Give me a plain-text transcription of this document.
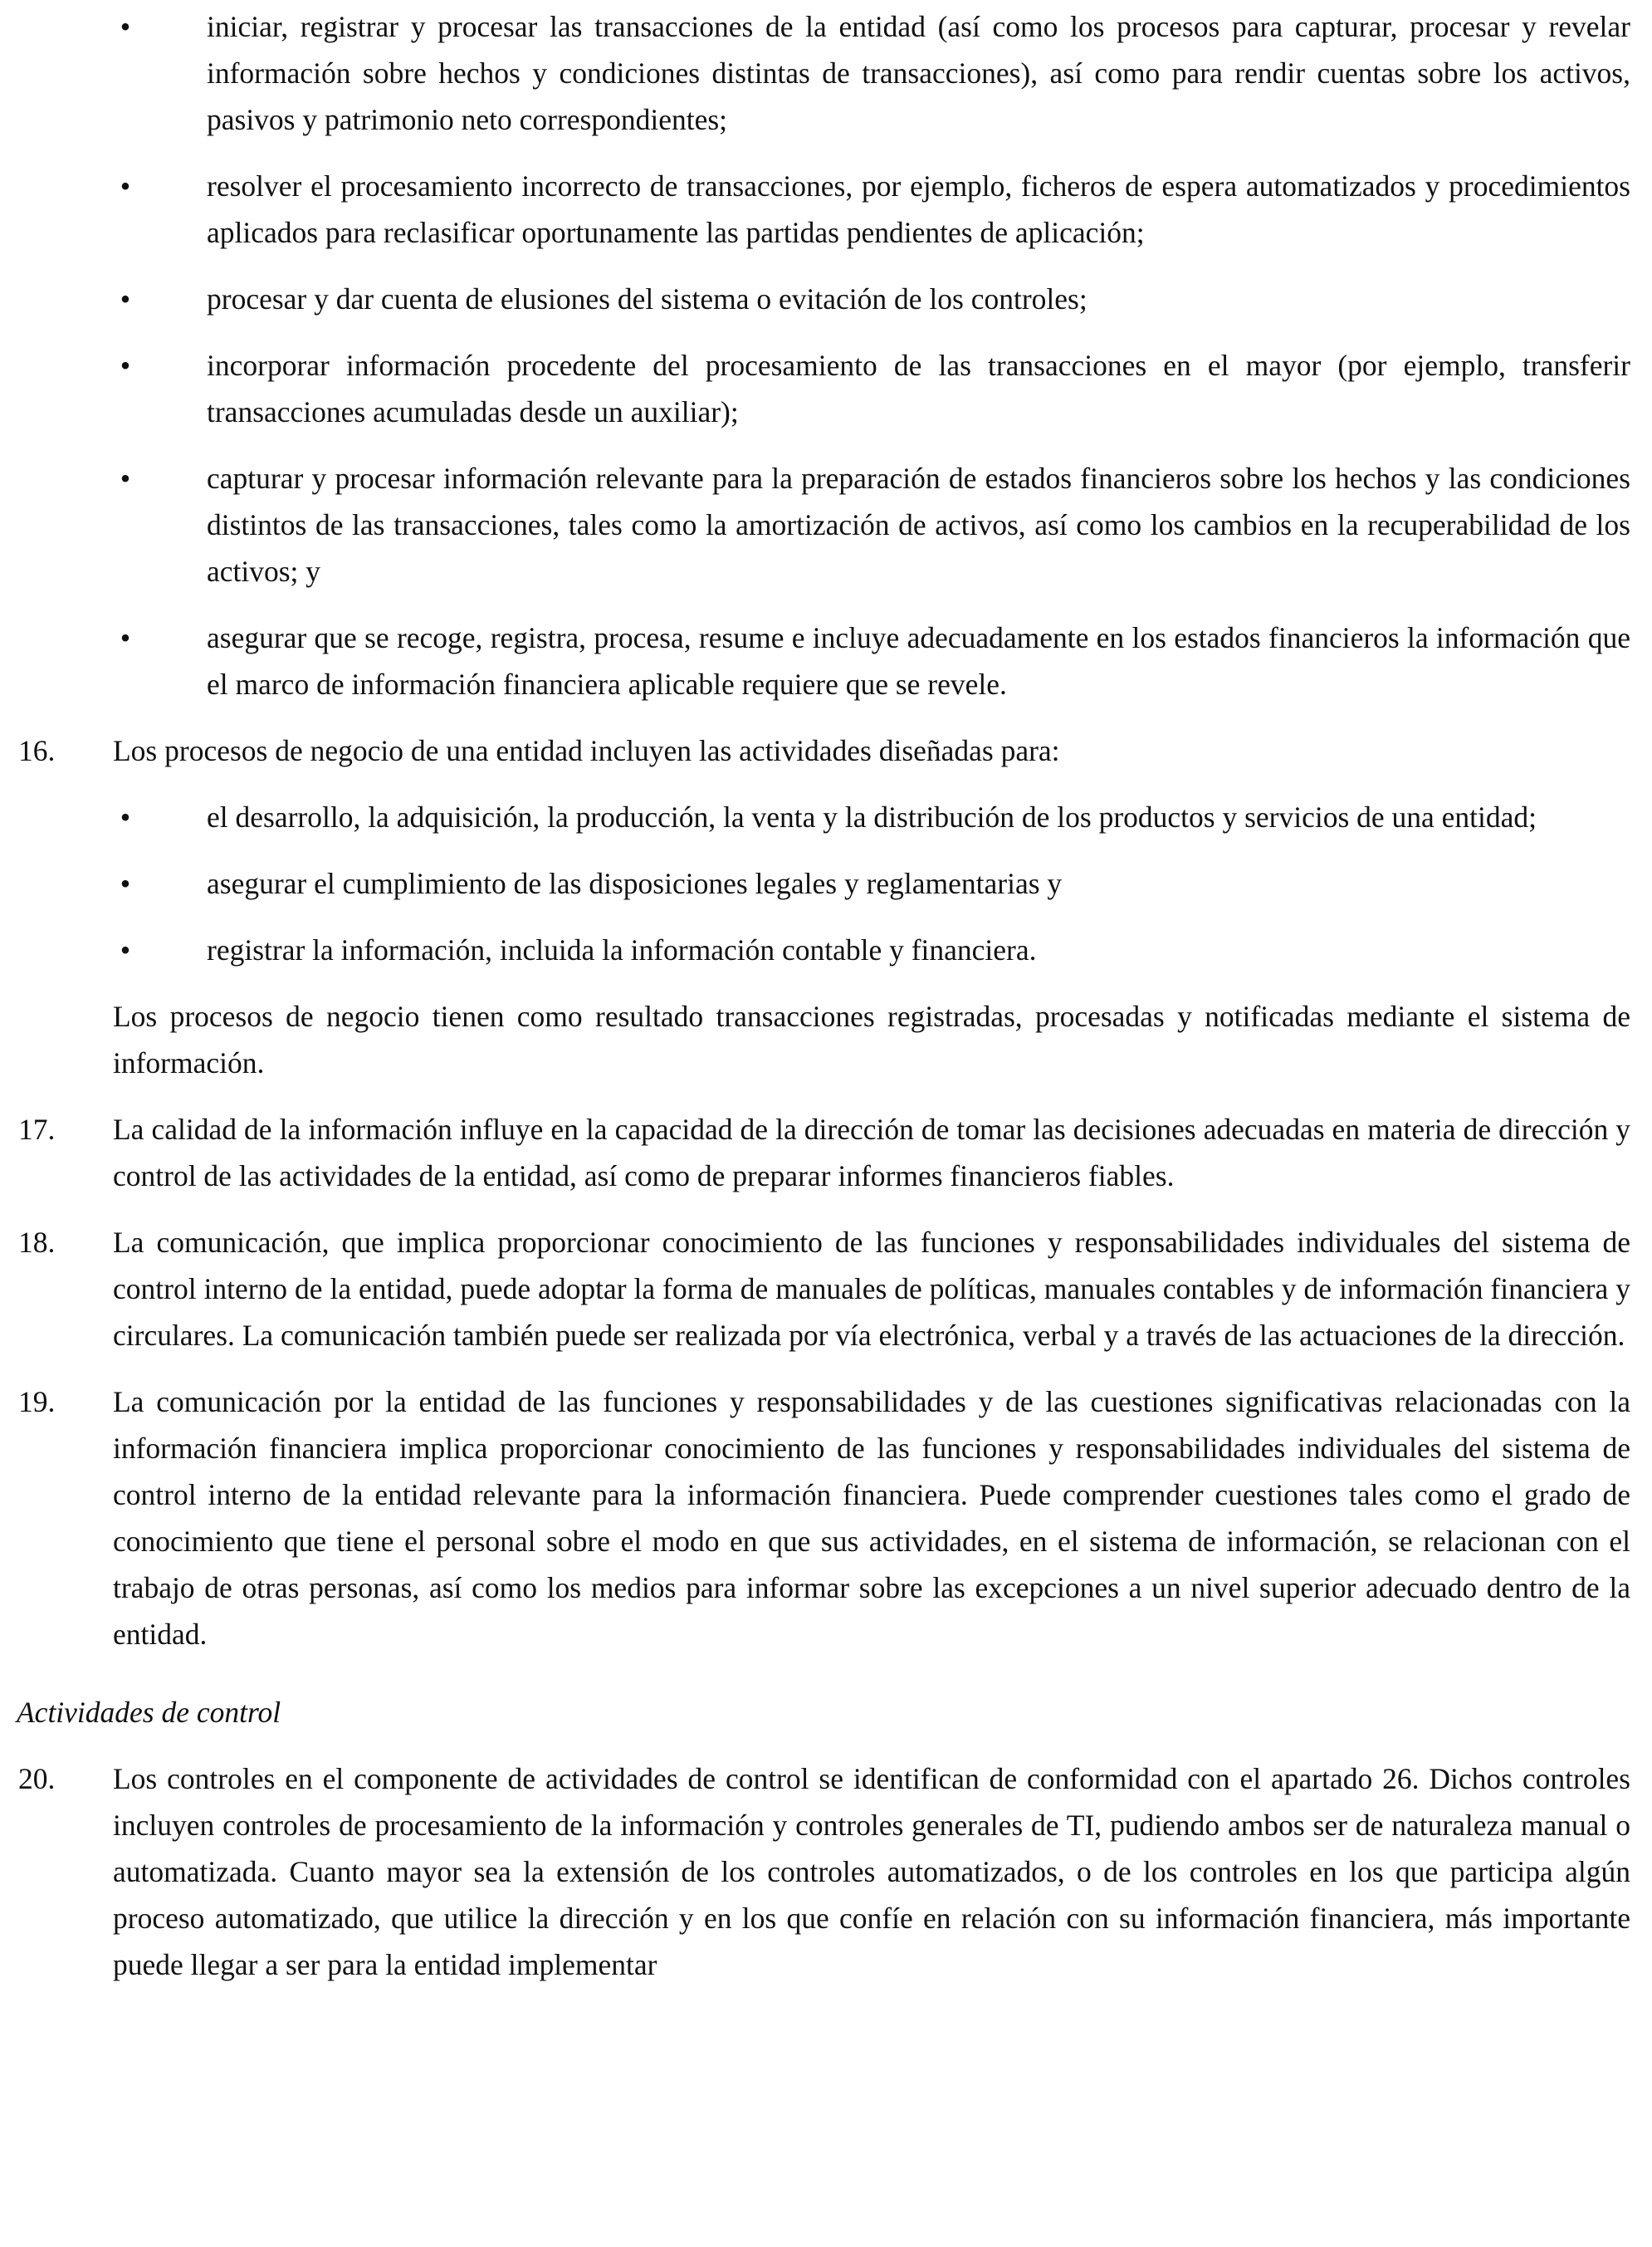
•	iniciar, registrar y procesar las transacciones de la entidad (así como los procesos para capturar, procesar y revelar información sobre hechos y condiciones distintas de transacciones), así como para rendir cuentas sobre los activos, pasivos y patrimonio neto correspondientes;
•	resolver el procesamiento incorrecto de transacciones, por ejemplo, ficheros de espera automatizados y procedimientos aplicados para reclasificar oportunamente las partidas pendientes de aplicación;
•	procesar y dar cuenta de elusiones del sistema o evitación de los controles;
•	incorporar información procedente del procesamiento de las transacciones en el mayor (por ejemplo, transferir transacciones acumuladas desde un auxiliar);
•	capturar y procesar información relevante para la preparación de estados financieros sobre los hechos y las condiciones distintos de las transacciones, tales como la amortización de activos, así como los cambios en la recuperabilidad de los activos; y
•	asegurar que se recoge, registra, procesa, resume e incluye adecuadamente en los estados financieros la información que el marco de información financiera aplicable requiere que se revele.
16. Los procesos de negocio de una entidad incluyen las actividades diseñadas para:
•	el desarrollo, la adquisición, la producción, la venta y la distribución de los productos y servicios de una entidad;
•	asegurar el cumplimiento de las disposiciones legales y reglamentarias y
•	registrar la información, incluida la información contable y financiera.
Los procesos de negocio tienen como resultado transacciones registradas, procesadas y notificadas mediante el sistema de información.
17. La calidad de la información influye en la capacidad de la dirección de tomar las decisiones adecuadas en materia de dirección y control de las actividades de la entidad, así como de preparar informes financieros fiables.
18. La comunicación, que implica proporcionar conocimiento de las funciones y responsabilidades individuales del sistema de control interno de la entidad, puede adoptar la forma de manuales de políticas, manuales contables y de información financiera y circulares. La comunicación también puede ser realizada por vía electrónica, verbal y a través de las actuaciones de la dirección.
19. La comunicación por la entidad de las funciones y responsabilidades y de las cuestiones significativas relacionadas con la información financiera implica proporcionar conocimiento de las funciones y responsabilidades individuales del sistema de control interno de la entidad relevante para la información financiera. Puede comprender cuestiones tales como el grado de conocimiento que tiene el personal sobre el modo en que sus actividades, en el sistema de información, se relacionan con el trabajo de otras personas, así como los medios para informar sobre las excepciones a un nivel superior adecuado dentro de la entidad.
Actividades de control
20. Los controles en el componente de actividades de control se identifican de conformidad con el apartado 26. Dichos controles incluyen controles de procesamiento de la información y controles generales de TI, pudiendo ambos ser de naturaleza manual o automatizada. Cuanto mayor sea la extensión de los controles automatizados, o de los controles en los que participa algún proceso automatizado, que utilice la dirección y en los que confíe en relación con su información financiera, más importante puede llegar a ser para la entidad implementar
